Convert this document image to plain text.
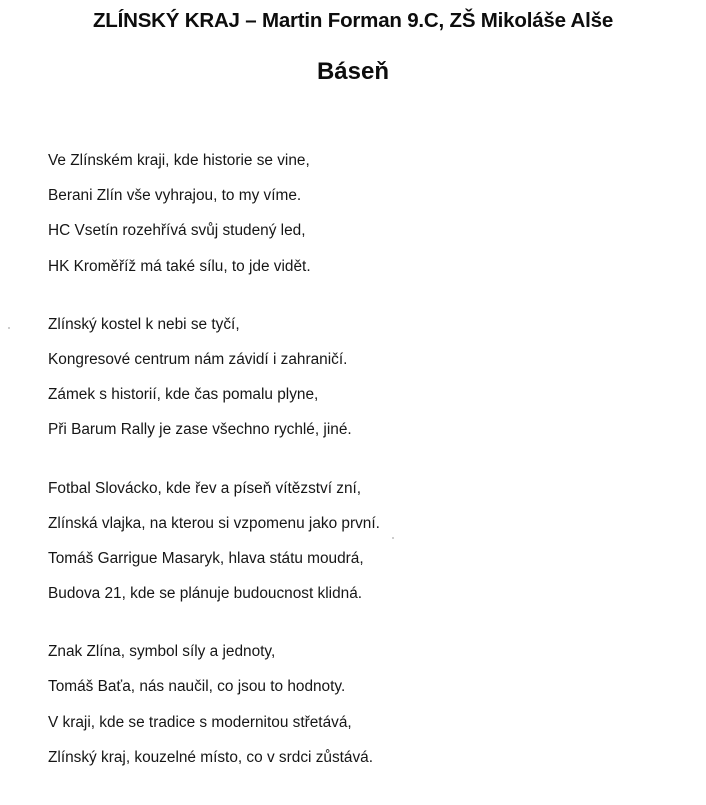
ZLÍNSKÝ KRAJ – Martin Forman 9.C, ZŠ Mikoláše Alše
Báseň
Ve Zlínském kraji, kde historie se vine,
Berani Zlín vše vyhrajou, to my víme.
HC Vsetín rozehřívá svůj studený led,
HK Kroměříž má také sílu, to jde vidět.
Zlínský kostel k nebi se tyčí,
Kongresové centrum nám závidí i zahraničí.
Zámek s historií, kde čas pomalu plyne,
Při Barum Rally je zase všechno rychlé, jiné.
Fotbal Slovácko, kde řev a píseň vítězství zní,
Zlínská vlajka, na kterou si vzpomenu jako první.
Tomáš Garrigue Masaryk, hlava státu moudrá,
Budova 21, kde se plánuje budoucnost klidná.
Znak Zlína, symbol síly a jednoty,
Tomáš Baťa, nás naučil, co jsou to hodnoty.
V kraji, kde se tradice s modernitou střetává,
Zlínský kraj, kouzelné místo, co v srdci zůstává.
